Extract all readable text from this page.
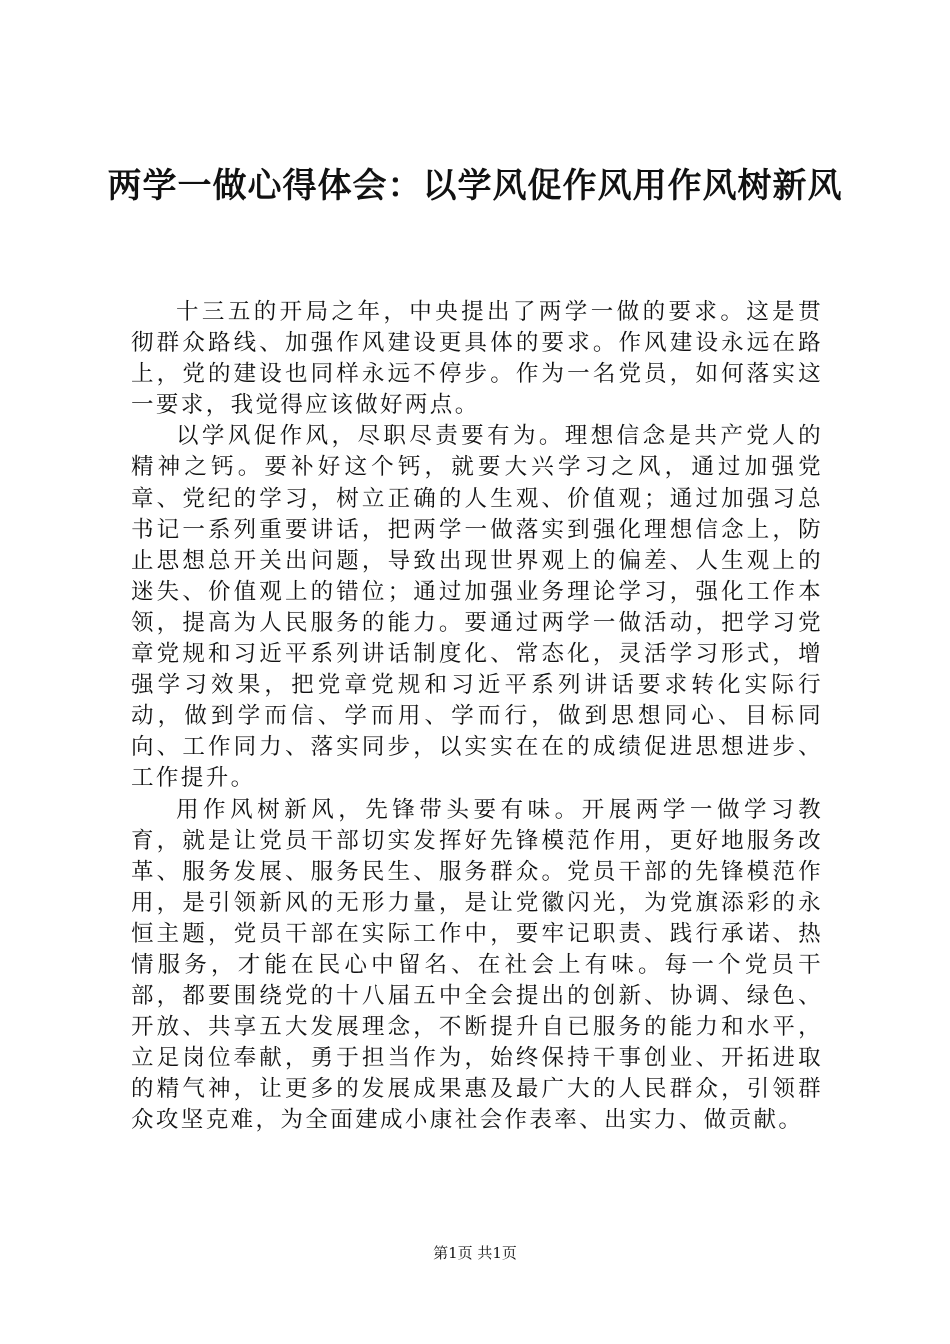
两学一做心得体会：以学风促作风用作风树新风

十三五的开局之年，中央提出了两学一做的要求。这是贯彻群众路线、加强作风建设更具体的要求。作风建设永远在路上，党的建设也同样永远不停步。作为一名党员，如何落实这一要求，我觉得应该做好两点。

以学风促作风，尽职尽责要有为。理想信念是共产党人的精神之钙。要补好这个钙，就要大兴学习之风，通过加强党章、党纪的学习，树立正确的人生观、价值观；通过加强习总书记一系列重要讲话，把两学一做落实到强化理想信念上，防止思想总开关出问题，导致出现世界观上的偏差、人生观上的迷失、价值观上的错位；通过加强业务理论学习，强化工作本领，提高为人民服务的能力。要通过两学一做活动，把学习党章党规和习近平系列讲话制度化、常态化，灵活学习形式，增强学习效果，把党章党规和习近平系列讲话要求转化实际行动，做到学而信、学而用、学而行，做到思想同心、目标同向、工作同力、落实同步，以实实在在的成绩促进思想进步、工作提升。

用作风树新风，先锋带头要有味。开展两学一做学习教育，就是让党员干部切实发挥好先锋模范作用，更好地服务改革、服务发展、服务民生、服务群众。党员干部的先锋模范作用，是引领新风的无形力量，是让党徽闪光，为党旗添彩的永恒主题，党员干部在实际工作中，要牢记职责、践行承诺、热情服务，才能在民心中留名、在社会上有味。每一个党员干部，都要围绕党的十八届五中全会提出的创新、协调、绿色、开放、共享五大发展理念，不断提升自已服务的能力和水平，立足岗位奉献，勇于担当作为，始终保持干事创业、开拓进取的精气神，让更多的发展成果惠及最广大的人民群众，引领群众攻坚克难，为全面建成小康社会作表率、出实力、做贡献。

第1页 共1页
